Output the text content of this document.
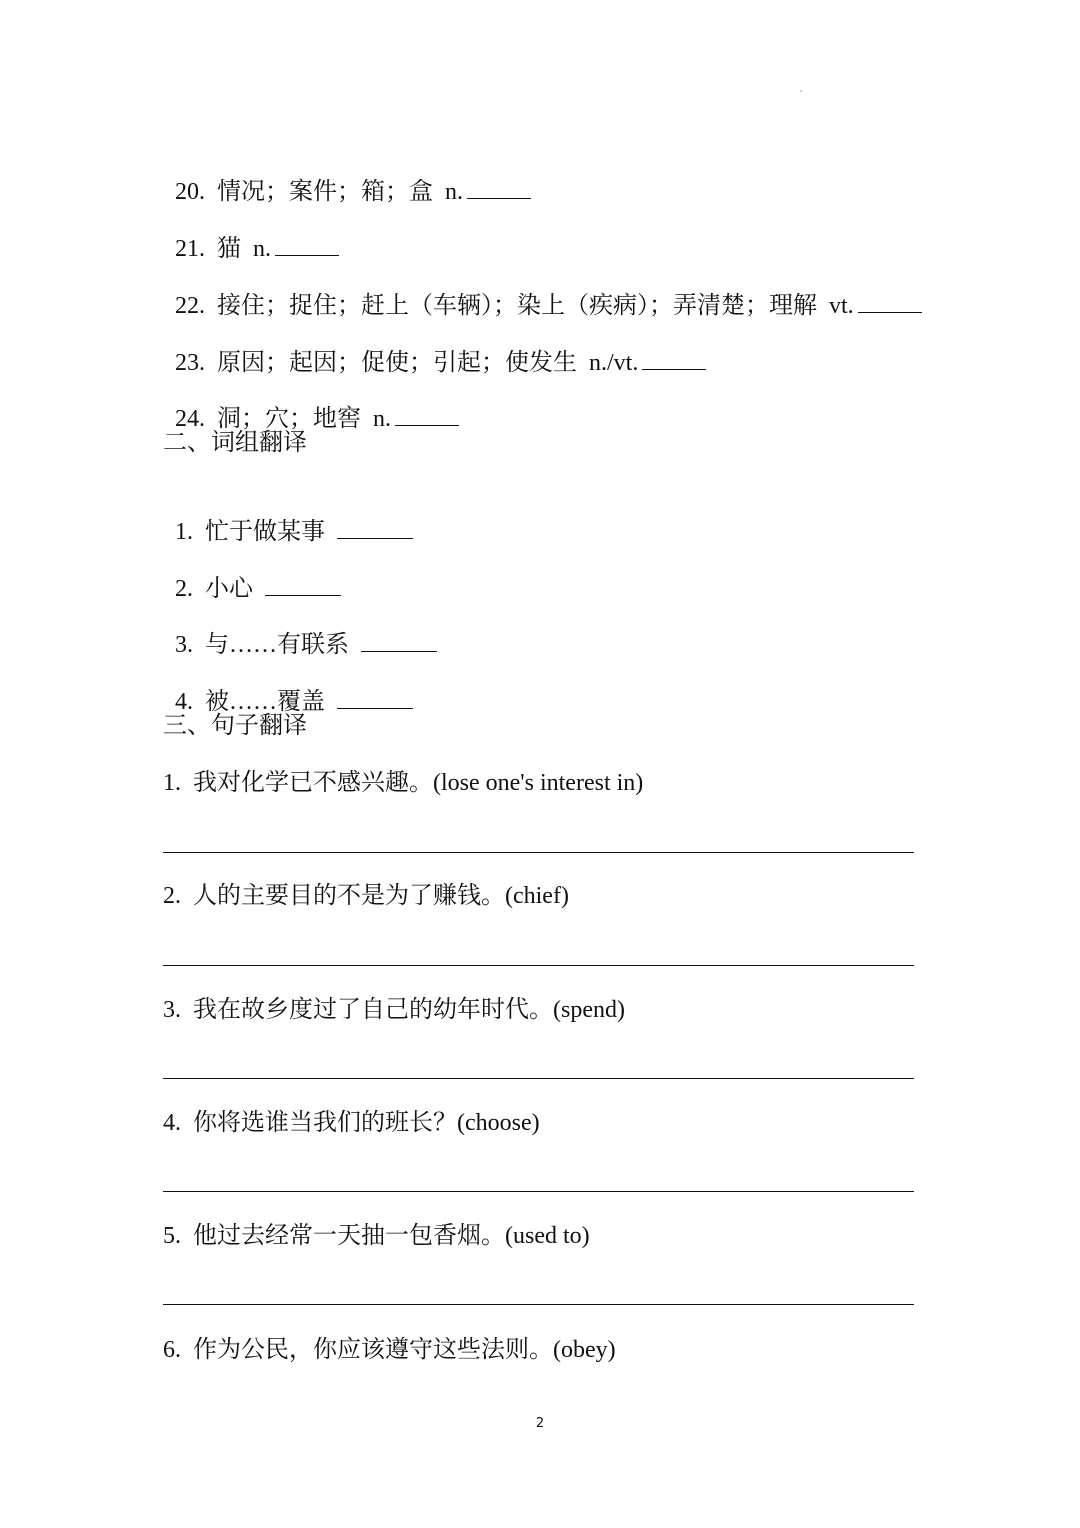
20.  情况；案件；箱；盒  n.

21.  猫  n.

22.  接住；捉住；赶上（车辆）；染上（疾病）；弄清楚；理解  vt.

23.  原因；起因；促使；引起；使发生  n./vt.

24.  洞；穴；地窖  n.

二、词组翻译

1.  忙于做某事

2.  小心

3.  与……有联系

4.  被……覆盖

三、句子翻译
1.  我对化学已不感兴趣。(lose one's interest in)
2.  人的主要目的不是为了赚钱。(chief)
3.  我在故乡度过了自己的幼年时代。(spend)
4.  你将选谁当我们的班长？(choose)
5.  他过去经常一天抽一包香烟。(used to)
6.  作为公民，你应该遵守这些法则。(obey)
2
